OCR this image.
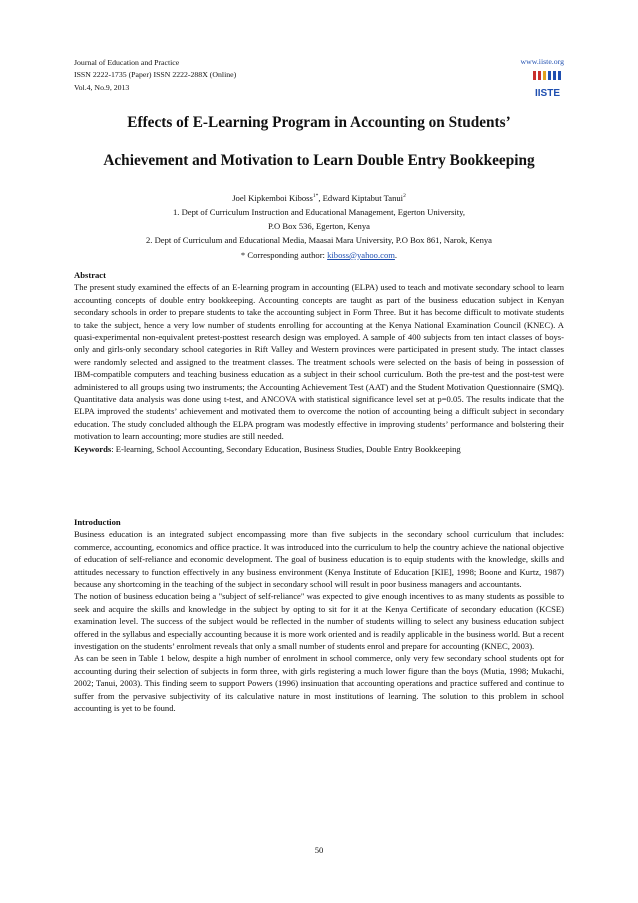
Journal of Education and Practice
ISSN 2222-1735 (Paper) ISSN 2222-288X (Online)
Vol.4, No.9, 2013
www.iiste.org
IISTE
Effects of E-Learning Program in Accounting on Students’
Achievement and Motivation to Learn Double Entry Bookkeeping
Joel Kipkemboi Kiboss$^{1*}$, Edward Kiptabut Tanui$^2$
1. Dept of Curriculum Instruction and Educational Management, Egerton University,
P.O Box 536, Egerton, Kenya
2. Dept of Curriculum and Educational Media, Maasai Mara University, P.O Box 861, Narok, Kenya
* Corresponding author: kiboss@yahoo.com.
Abstract

The present study examined the effects of an E-learning program in accounting (ELPA) used to teach and motivate secondary school to learn accounting concepts of double entry bookkeeping. Accounting concepts are taught as part of the business education subject in Kenyan secondary schools in order to prepare students to take the accounting subject in Form Three. But it has become difficult to motivate students to take the subject, hence a very low number of students enrolling for accounting at the Kenya National Examination Council (KNEC). A quasi-experimental non-equivalent pretest-posttest research design was employed. A sample of 400 subjects from ten intact classes of boys-only and girls-only secondary school categories in Rift Valley and Western provinces were participated in present study. The intact classes were randomly selected and assigned to the treatment classes. The treatment schools were selected on the basis of being in possession of IBM-compatible computers and teaching business education as a subject in their school curriculum. Both the pre-test and the post-test were administered to all groups using two instruments; the Accounting Achievement Test (AAT) and the Student Motivation Questionnaire (SMQ). Quantitative data analysis was done using t-test, and ANCOVA with statistical significance level set at p=0.05. The results indicate that the ELPA improved the students’ achievement and motivated them to overcome the notion of accounting being a difficult subject in secondary education. The study concluded although the ELPA program was modestly effective in improving students’ performance and bolstering their motivation to learn accounting; more studies are still needed.

Keywords: E-learning, School Accounting, Secondary Education, Business Studies, Double Entry Bookkeeping

Introduction

Business education is an integrated subject encompassing more than five subjects in the secondary school curriculum that includes: commerce, accounting, economics and office practice. It was introduced into the curriculum to help the country achieve the national objective of education of self-reliance and economic development. The goal of business education is to equip students with the knowledge, skills and attitudes necessary to function effectively in any business environment (Kenya Institute of Education [KIE], 1998; Boone and Kurtz, 1987) because any shortcoming in the teaching of the subject in secondary school will result in poor business managers and accountants.

The notion of business education being a "subject of self-reliance" was expected to give enough incentives to as many students as possible to seek and acquire the skills and knowledge in the subject by opting to sit for it at the Kenya Certificate of secondary education (KCSE) examination level. The success of the subject would be reflected in the number of students willing to select any business education subject offered in the syllabus and especially accounting because it is more work oriented and is readily applicable in the business world. But a recent investigation on the students’ enrolment reveals that only a small number of students enrol and prepare for accounting (KNEC, 2003).

As can be seen in Table 1 below, despite a high number of enrolment in school commerce, only very few secondary school students opt for accounting during their selection of subjects in form three, with girls registering a much lower figure than the boys (Mutia, 1998; Mukachi, 2002; Tanui, 2003). This finding seem to support Powers (1996) insinuation that accounting operations and practice suffered and continue to suffer from the pervasive subjectivity of its calculative nature in most institutions of learning. The solution to this problem in school accounting is yet to be found.

50
